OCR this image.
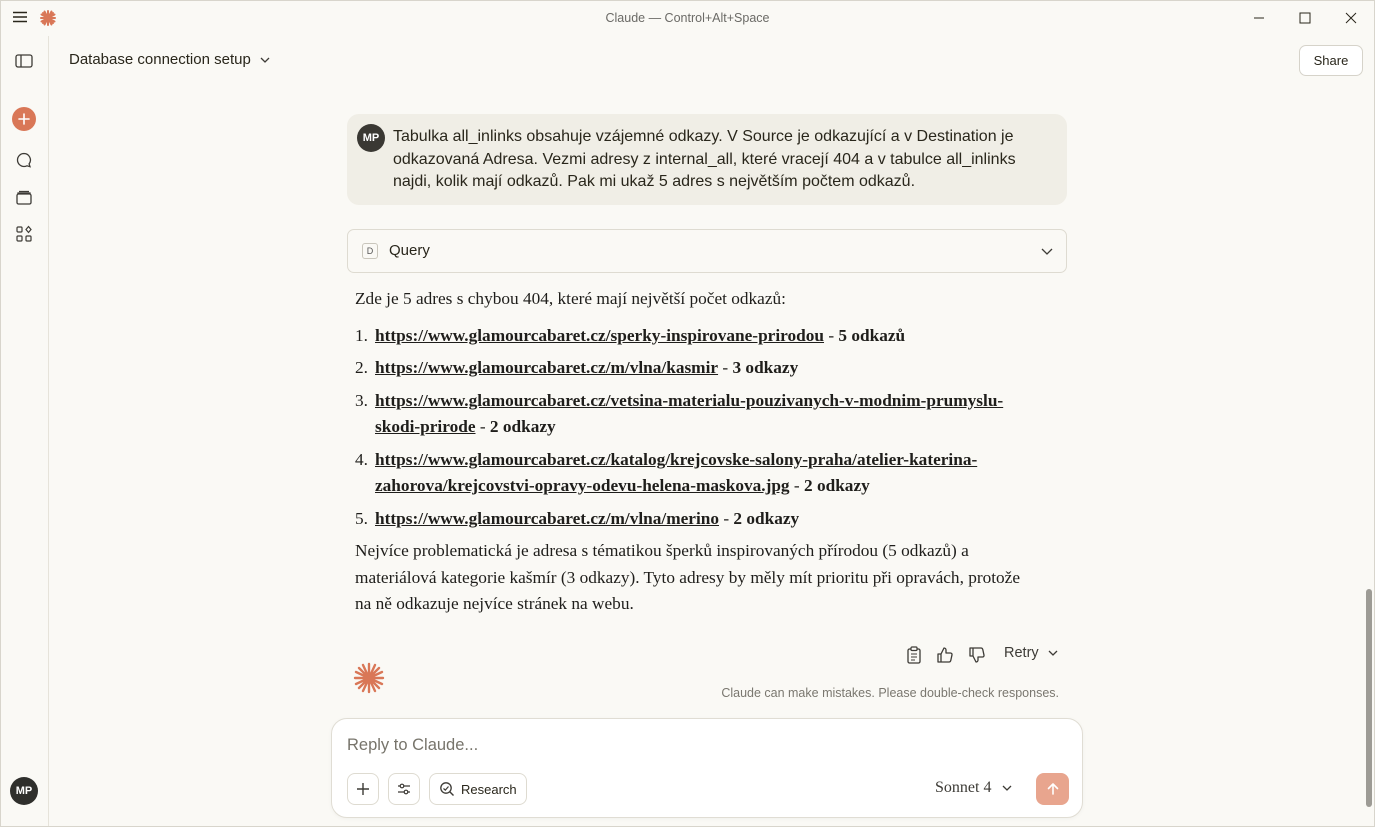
Claude — Control+Alt+Space
MP
Database connection setup	Share
Tabulka all_inlinks obsahuje vzájemné odkazy. V Source je odkazující a v Destination je odkazovaná Adresa. Vezmi adresy z internal_all, které vracejí 404 a v tabulce all_inlinks najdi, kolik mají odkazů. Pak mi ukaž 5 adres s největším počtem odkazů.
MP
D	Query

Zde je 5 adres s chybou 404, které mají největší počet odkazů:

1. https://www.glamourcabaret.cz/sperky-inspirovane-prirodou - 5 odkazů
2. https://www.glamourcabaret.cz/m/vlna/kasmir - 3 odkazy
3. https://www.glamourcabaret.cz/vetsina-materialu-pouzivanych-v-modnim-prumyslu-skodi-prirode - 2 odkazy
4. https://www.glamourcabaret.cz/katalog/krejcovske-salony-praha/atelier-katerina-zahorova/krejcovstvi-opravy-odevu-helena-maskova.jpg - 2 odkazy
5. https://www.glamourcabaret.cz/m/vlna/merino - 2 odkazy

Nejvíce problematická je adresa s tématikou šperků inspirovaných přírodou (5 odkazů) a materiálová kategorie kašmír (3 odkazy). Tyto adresy by měly mít prioritu při opravách, protože na ně odkazuje nejvíce stránek na webu.

Retry
Claude can make mistakes. Please double-check responses.
Reply to Claude...
Research	Sonnet 4
